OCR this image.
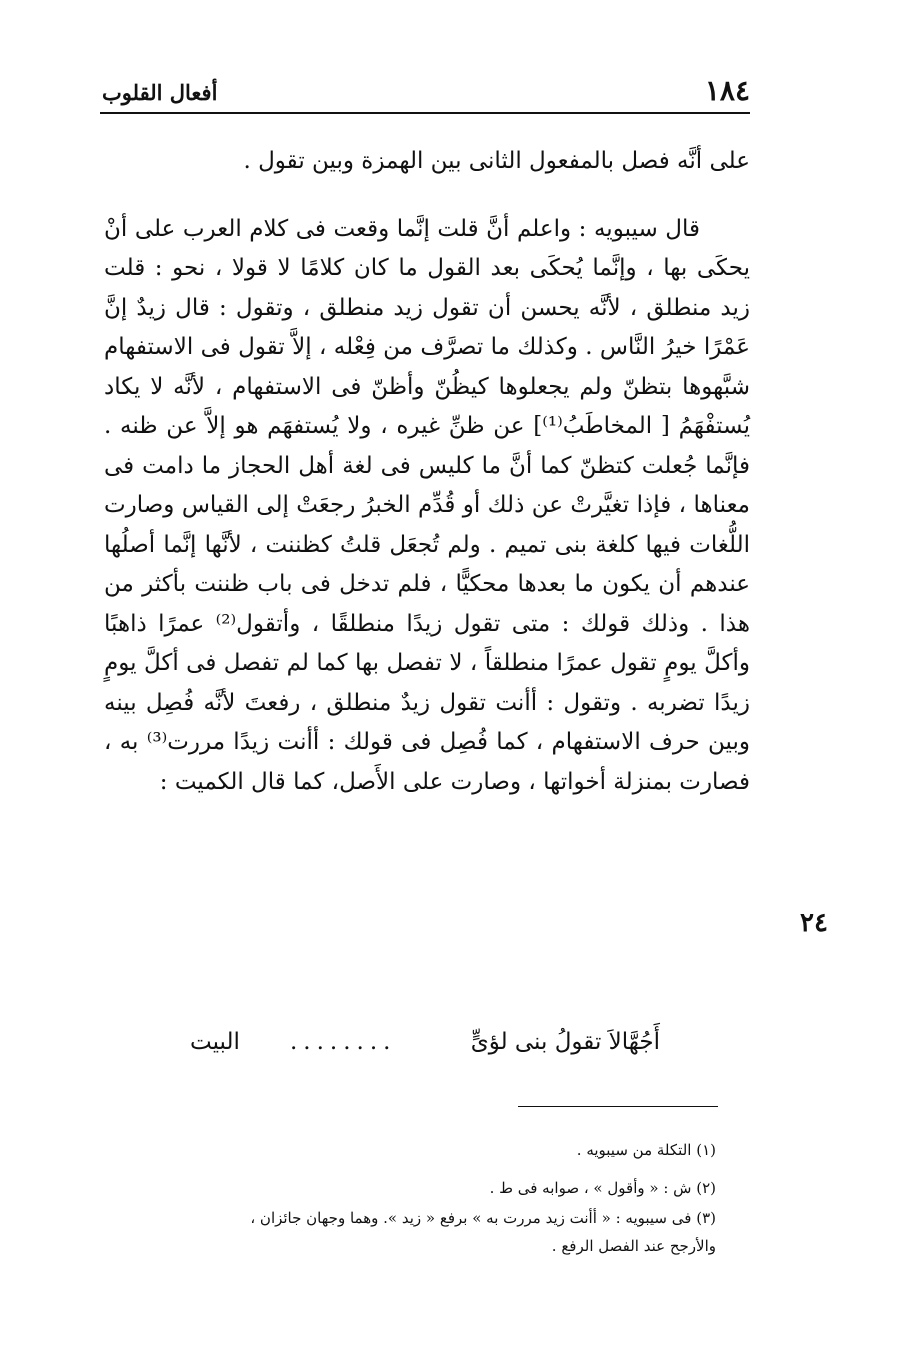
١٨٤
أفعال القلوب

على أنَّه فصل بالمفعول الثانى بين الهمزة وبين تقول .

قال سيبويه : واعلم أنَّ قلت إنَّما وقعت فى كلام العرب على أنْ يحكَى بها ، وإنَّما يُحكَى بعد القول ما كان كلامًا لا قولا ، نحو : قلت زيد منطلق ، لأنَّه يحسن أن تقول زيد منطلق ، وتقول : قال زيدٌ إنَّ عَمْرًا خيرُ النَّاس . وكذلك ما تصرَّف من فِعْله ، إلاَّ تقول فى الاستفهام شبَّهوها بتظنّ ولم يجعلوها كيظُنّ وأظنّ فى الاستفهام ، لأنَّه لا يكاد يُستفْهَمُ [ المخاطَبُ⁽¹⁾] عن ظنِّ غيره ، ولا يُستفهَم هو إلاَّ عن ظنه . فإنَّما جُعلت كتظنّ كما أنَّ ما كليس فى لغة أهل الحجاز ما دامت فى معناها ، فإذا تغيَّرتْ عن ذلك أو قُدِّم الخبرُ رجعَتْ إلى القياس وصارت اللُّغات فيها كلغة بنى تميم . ولم تُجعَل قلتُ كظننت ، لأنَّها إنَّما أصلُها عندهم أن يكون ما بعدها محكيًّا ، فلم تدخل فى باب ظننت بأكثر من هذا . وذلك قولك : متى تقول زيدًا منطلقًا ، وأتقول⁽²⁾ عمرًا ذاهبًا وأكلَّ يومٍ تقول عمرًا منطلقاً ، لا تفصل بها كما لم تفصل فى أكلَّ يومٍ زيدًا تضربه . وتقول : أأنت تقول زيدٌ منطلق ، رفعتَ لأنَّه فُصِل بينه وبين حرف الاستفهام ، كما فُصِل فى قولك : أأنت زيدًا مررت⁽³⁾ به ، فصارت بمنزلة أخواتها ، وصارت على الأَصل، كما قال الكميت :

٢٤
أَجُهَّالاَ تقولُ بنى لؤىٍّ
........
البيت

(١) التكلة من سيبويه .

(٢) ش : « وأقول » ، صوابه فى ط .

(٣) فى سيبويه : « أأنت زيد مررت به » برفع « زيد ». وهما وجهان جائزان ،

والأرجح عند الفصل الرفع .
